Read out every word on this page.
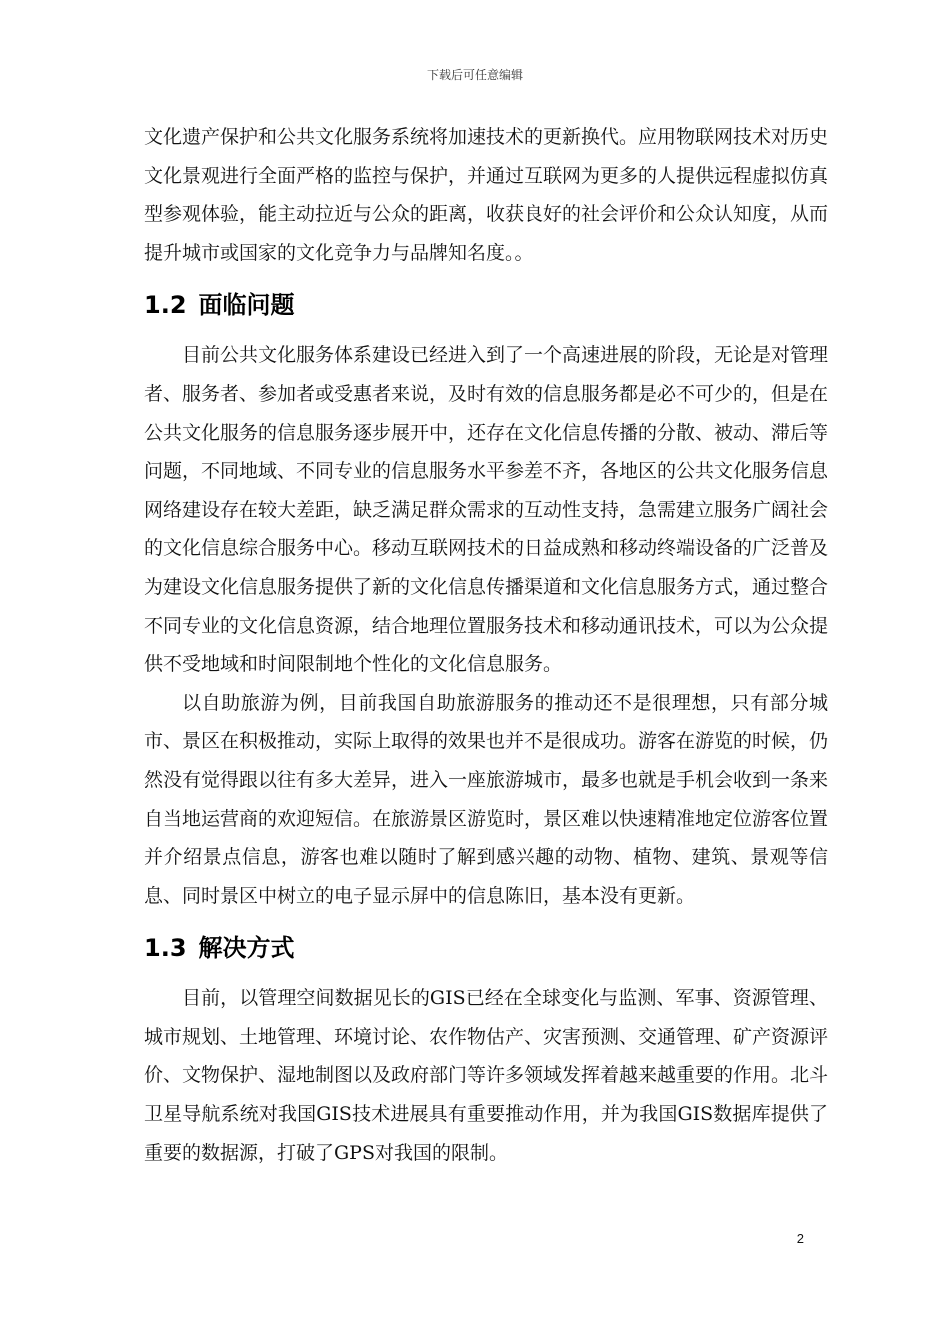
下载后可任意编辑

文化遗产保护和公共文化服务系统将加速技术的更新换代。应用物联网技术对历史文化景观进行全面严格的监控与保护，并通过互联网为更多的人提供远程虚拟仿真型参观体验，能主动拉近与公众的距离，收获良好的社会评价和公众认知度，从而提升城市或国家的文化竞争力与品牌知名度。。

1.2 面临问题

目前公共文化服务体系建设已经进入到了一个高速进展的阶段，无论是对管理者、服务者、参加者或受惠者来说，及时有效的信息服务都是必不可少的，但是在公共文化服务的信息服务逐步展开中，还存在文化信息传播的分散、被动、滞后等问题，不同地域、不同专业的信息服务水平参差不齐，各地区的公共文化服务信息网络建设存在较大差距，缺乏满足群众需求的互动性支持，急需建立服务广阔社会的文化信息综合服务中心。移动互联网技术的日益成熟和移动终端设备的广泛普及为建设文化信息服务提供了新的文化信息传播渠道和文化信息服务方式，通过整合不同专业的文化信息资源，结合地理位置服务技术和移动通讯技术，可以为公众提供不受地域和时间限制地个性化的文化信息服务。

以自助旅游为例，目前我国自助旅游服务的推动还不是很理想，只有部分城市、景区在积极推动，实际上取得的效果也并不是很成功。游客在游览的时候，仍然没有觉得跟以往有多大差异，进入一座旅游城市，最多也就是手机会收到一条来自当地运营商的欢迎短信。在旅游景区游览时，景区难以快速精准地定位游客位置并介绍景点信息，游客也难以随时了解到感兴趣的动物、植物、建筑、景观等信息、同时景区中树立的电子显示屏中的信息陈旧，基本没有更新。

1.3 解决方式

目前，以管理空间数据见长的GIS已经在全球变化与监测、军事、资源管理、城市规划、土地管理、环境讨论、农作物估产、灾害预测、交通管理、矿产资源评价、文物保护、湿地制图以及政府部门等许多领域发挥着越来越重要的作用。北斗卫星导航系统对我国GIS技术进展具有重要推动作用，并为我国GIS数据库提供了重要的数据源，打破了GPS对我国的限制。

2
